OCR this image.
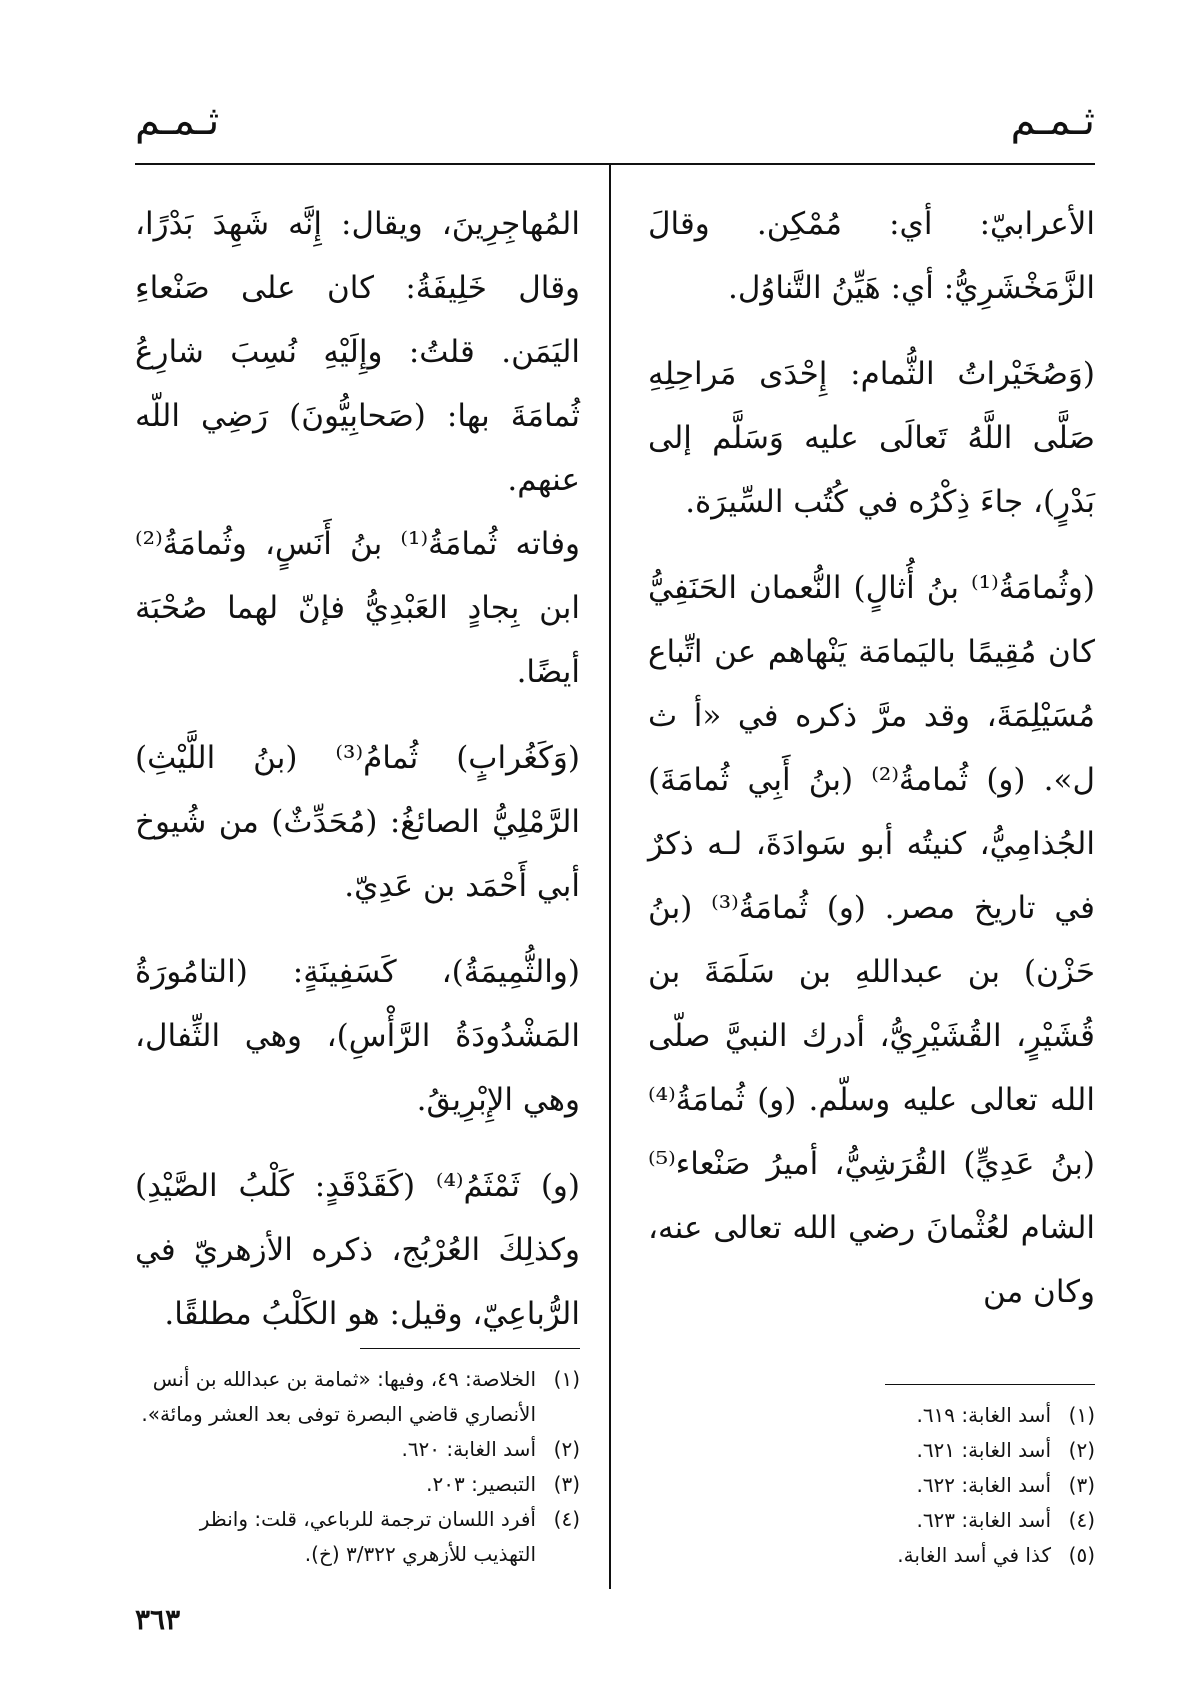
ثـمـم
ثـمـم

الأعرابيّ: أي: مُمْكِن. وقالَ الزَّمَخْشَرِيُّ: أي: هَيِّنُ التَّناوُل.

(وَصُخَيْراتُ الثُّمام: إِحْدَى مَراحِلِهِ صَلَّى اللَّهُ تَعالَى عليه وَسَلَّم إلى بَدْرٍ)، جاءَ ذِكْرُه في كُتُب السِّيرَة.

(وثُمامَةُ⁽¹⁾ بنُ أُثالٍ) النُّعمان الحَنَفِيُّ كان مُقِيمًا باليَمامَة يَنْهاهم عن اتِّباع مُسَيْلِمَةَ، وقد مرَّ ذكره في «أ ث ل». (و) ثُمامةُ⁽²⁾ (بنُ أَبِي ثُمامَةَ) الجُذامِيُّ، كنيتُه أبو سَوادَةَ، لـه ذكرٌ في تاريخ مصر. (و) ثُمامَةُ⁽³⁾ (بنُ حَزْن) بن عبداللهِ بن سَلَمَةَ بن قُشَيْرٍ، القُشَيْرِيُّ، أدرك النبيَّ صلّى الله تعالى عليه وسلّم. (و) ثُمامَةُ⁽⁴⁾ (بنُ عَدِيٍّ) القُرَشِيُّ، أميرُ صَنْعاء⁽⁵⁾ الشام لعُثْمانَ رضي الله تعالى عنه، وكان من

المُهاجِرِينَ، ويقال: إِنَّه شَهِدَ بَدْرًا، وقال خَلِيفَةُ: كان على صَنْعاءِ اليَمَن. قلتُ: وإِلَيْهِ نُسِبَ شارِعُ ثُمامَةَ بها: (صَحابِيُّونَ) رَضِي اللّه عنهم.

وفاته ثُمامَةُ⁽¹⁾ بنُ أَنَسٍ، وثُمامَةُ⁽²⁾ ابن بِجادٍ العَبْدِيُّ فإنّ لهما صُحْبَة أيضًا.

(وَكَغُرابٍ) ثُمامُ⁽³⁾ (بنُ اللَّيْثِ) الرَّمْلِيُّ الصائغُ: (مُحَدِّثٌ) من شُيوخ أبي أَحْمَد بن عَدِيّ.

(والثُّمِيمَةُ)، كَسَفِينَةٍ: (التامُورَةُ المَشْدُودَةُ الرَّأْسِ)، وهي الثِّفال، وهي الإِبْرِيقُ.

(و) ثَمْثَمُ⁽⁴⁾ (كَقَدْقَدٍ: كَلْبُ الصَّيْدِ) وكذلِكَ العُرْبُج، ذكره الأزهريّ في الرُّباعِيّ، وقيل: هو الكَلْبُ مطلقًا.

(١)
أسد الغابة: ٦١٩.
(٢)
أسد الغابة: ٦٢١.
(٣)
أسد الغابة: ٦٢٢.
(٤)
أسد الغابة: ٦٢٣.
(٥)
كذا في أسد الغابة.
(١)
الخلاصة: ٤٩، وفيها: «ثمامة بن عبدالله بن أنس الأنصاري قاضي البصرة توفى بعد العشر ومائة».
(٢)
أسد الغابة: ٦٢٠.
(٣)
التبصير: ٢٠٣.
(٤)
أفرد اللسان ترجمة للرباعي، قلت: وانظر التهذيب للأزهري ٣/٣٢٢ (خ).
٣٦٣
